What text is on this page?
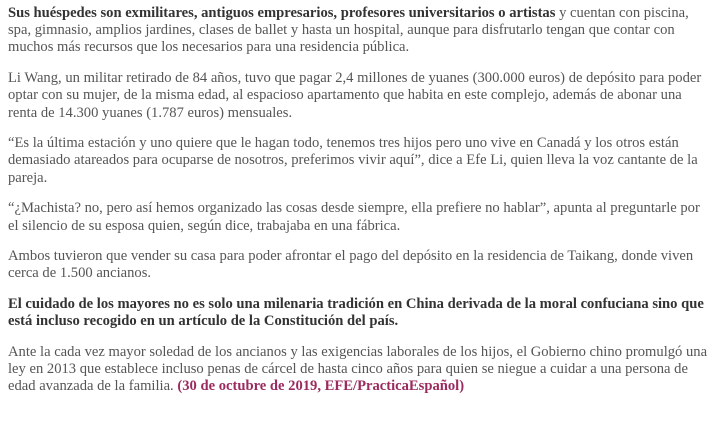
Sus huéspedes son exmilitares, antiguos empresarios, profesores universitarios o artistas y cuentan con piscina, spa, gimnasio, amplios jardines, clases de ballet y hasta un hospital, aunque para disfrutarlo tengan que contar con muchos más recursos que los necesarios para una residencia pública.

Li Wang, un militar retirado de 84 años, tuvo que pagar 2,4 millones de yuanes (300.000 euros) de depósito para poder optar con su mujer, de la misma edad, al espacioso apartamento que habita en este complejo, además de abonar una renta de 14.300 yuanes (1.787 euros) mensuales.

“Es la última estación y uno quiere que le hagan todo, tenemos tres hijos pero uno vive en Canadá y los otros están demasiado atareados para ocuparse de nosotros, preferimos vivir aquí”, dice a Efe Li, quien lleva la voz cantante de la pareja.

“¿Machista? no, pero así hemos organizado las cosas desde siempre, ella prefiere no hablar”, apunta al preguntarle por el silencio de su esposa quien, según dice, trabajaba en una fábrica.

Ambos tuvieron que vender su casa para poder afrontar el pago del depósito en la residencia de Taikang, donde viven cerca de 1.500 ancianos.

El cuidado de los mayores no es solo una milenaria tradición en China derivada de la moral confuciana sino que está incluso recogido en un artículo de la Constitución del país.

Ante la cada vez mayor soledad de los ancianos y las exigencias laborales de los hijos, el Gobierno chino promulgó una ley en 2013 que establece incluso penas de cárcel de hasta cinco años para quien se niegue a cuidar a una persona de edad avanzada de la familia. (30 de octubre de 2019, EFE/PracticaEspañol)
